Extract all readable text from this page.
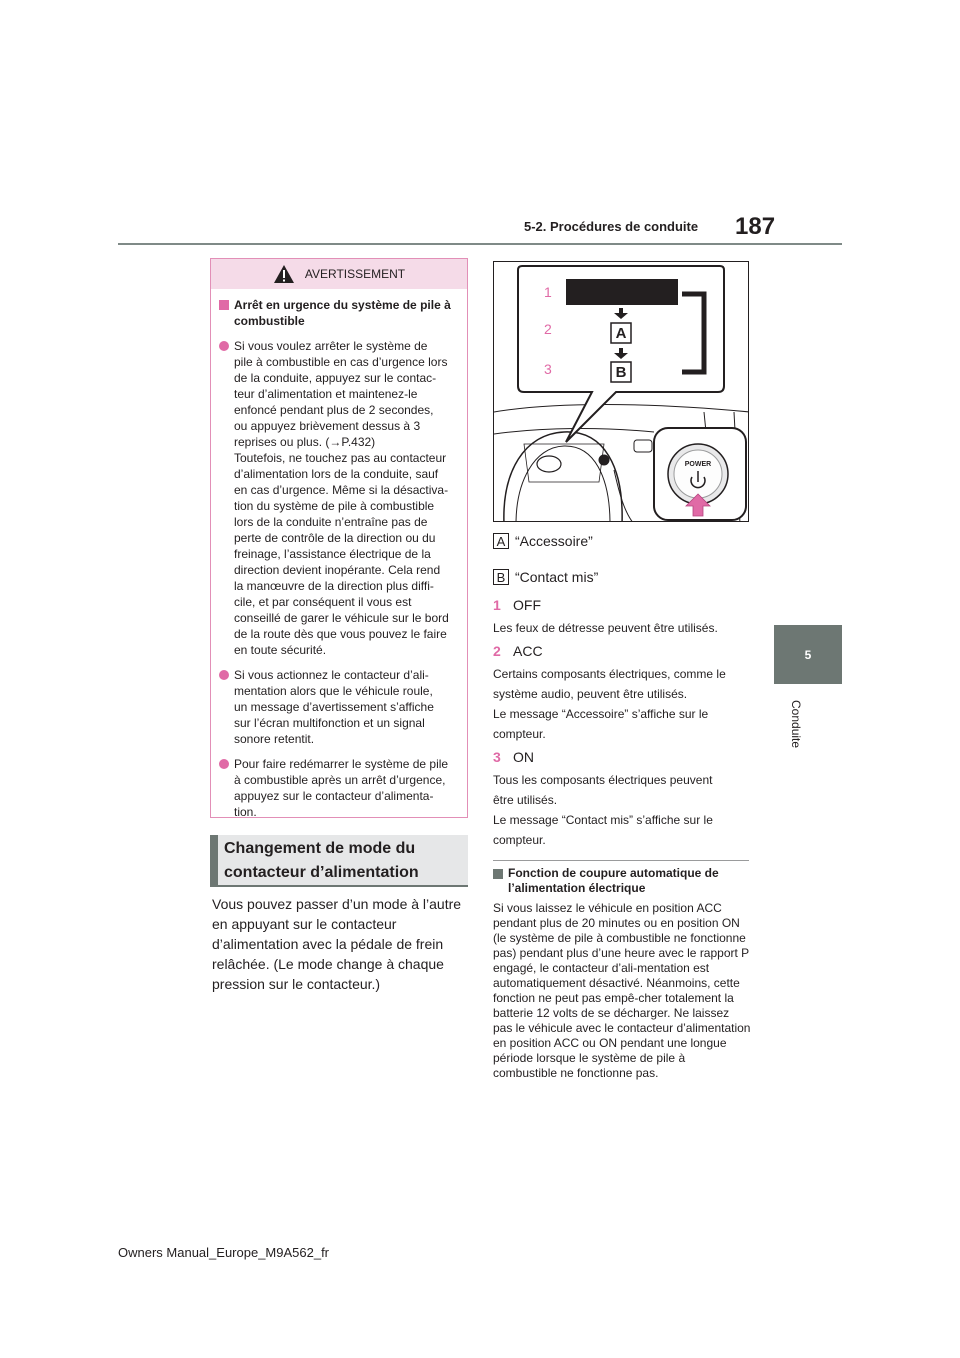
5-2. Procédures de conduite 187
5
Conduite
AVERTISSEMENT
Arrêt en urgence du système de pile à combustible

Si vous voulez arrêter le système de
pile à combustible en cas d’urgence lors
de la conduite, appuyez sur le contac-
teur d’alimentation et maintenez-le
enfoncé pendant plus de 2 secondes,
ou appuyez brièvement dessus à 3
reprises ou plus. (→P.432)
Toutefois, ne touchez pas au contacteur
d’alimentation lors de la conduite, sauf
en cas d’urgence. Même si la désactiva-
tion du système de pile à combustible
lors de la conduite n’entraîne pas de
perte de contrôle de la direction ou du
freinage, l’assistance électrique de la
direction devient inopérante. Cela rend
la manœuvre de la direction plus diffi-
cile, et par conséquent il vous est
conseillé de garer le véhicule sur le bord
de la route dès que vous pouvez le faire
en toute sécurité.

Si vous actionnez le contacteur d’ali-
mentation alors que le véhicule roule,
un message d’avertissement s’affiche
sur l’écran multifonction et un signal
sonore retentit.

Pour faire redémarrer le système de pile
à combustible après un arrêt d’urgence,
appuyez sur le contacteur d’alimenta-
tion.

Changement de mode du
contacteur d’alimentation
Vous pouvez passer d’un mode à l’autre en appuyant sur le contacteur d’alimentation avec la pédale de frein relâchée. (Le mode change à chaque pression sur le contacteur.)
1
2
3
A
B
POWER
A “Accessoire”
B “Contact mis”
1 OFF
Les feux de détresse peuvent être utilisés.
2 ACC
Certains composants électriques, comme le
système audio, peuvent être utilisés.
Le message “Accessoire” s’affiche sur le
compteur.
3 ON
Tous les composants électriques peuvent
être utilisés.
Le message “Contact mis” s’affiche sur le
compteur.
Fonction de coupure automatique de l’alimentation électrique
Si vous laissez le véhicule en position ACC pendant plus de 20 minutes ou en position ON (le système de pile à combustible ne fonctionne pas) pendant plus d’une heure avec le rapport P engagé, le contacteur d’ali-mentation est automatiquement désactivé. Néanmoins, cette fonction ne peut pas empê-cher totalement la batterie 12 volts de se décharger. Ne laissez pas le véhicule avec le contacteur d’alimentation en position ACC ou ON pendant une longue période lorsque le système de pile à combustible ne fonctionne pas.
Owners Manual_Europe_M9A562_fr
